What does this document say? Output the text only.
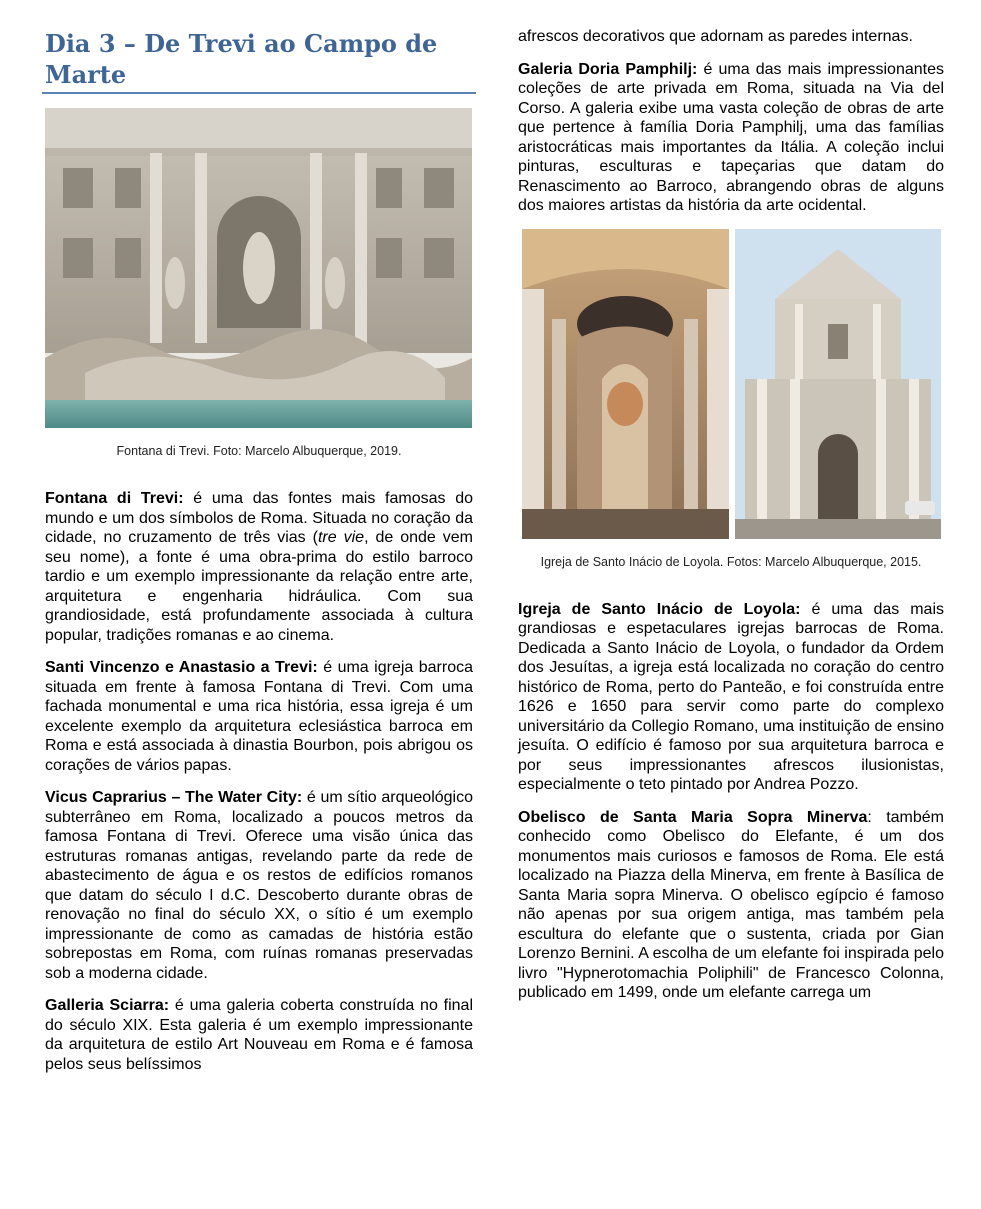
Dia 3 – De Trevi ao Campo de Marte
Fontana di Trevi. Foto: Marcelo Albuquerque, 2019.

Fontana di Trevi: é uma das fontes mais famosas do mundo e um dos símbolos de Roma. Situada no coração da cidade, no cruzamento de três vias (tre vie, de onde vem seu nome), a fonte é uma obra-prima do estilo barroco tardio e um exemplo impressionante da relação entre arte, arquitetura e engenharia hidráulica. Com sua grandiosidade, está profundamente associada à cultura popular, tradições romanas e ao cinema.

Santi Vincenzo e Anastasio a Trevi: é uma igreja barroca situada em frente à famosa Fontana di Trevi. Com uma fachada monumental e uma rica história, essa igreja é um excelente exemplo da arquitetura eclesiástica barroca em Roma e está associada à dinastia Bourbon, pois abrigou os corações de vários papas.

Vicus Caprarius – The Water City: é um sítio arqueológico subterrâneo em Roma, localizado a poucos metros da famosa Fontana di Trevi. Oferece uma visão única das estruturas romanas antigas, revelando parte da rede de abastecimento de água e os restos de edifícios romanos que datam do século I d.C. Descoberto durante obras de renovação no final do século XX, o sítio é um exemplo impressionante de como as camadas de história estão sobrepostas em Roma, com ruínas romanas preservadas sob a moderna cidade.

Galleria Sciarra: é uma galeria coberta construída no final do século XIX. Esta galeria é um exemplo impressionante da arquitetura de estilo Art Nouveau em Roma e é famosa pelos seus belíssimos

afrescos decorativos que adornam as paredes internas.

Galeria Doria Pamphilj: é uma das mais impressionantes coleções de arte privada em Roma, situada na Via del Corso. A galeria exibe uma vasta coleção de obras de arte que pertence à família Doria Pamphilj, uma das famílias aristocráticas mais importantes da Itália. A coleção inclui pinturas, esculturas e tapeçarias que datam do Renascimento ao Barroco, abrangendo obras de alguns dos maiores artistas da história da arte ocidental.

Igreja de Santo Inácio de Loyola. Fotos: Marcelo Albuquerque, 2015.

Igreja de Santo Inácio de Loyola: é uma das mais grandiosas e espetaculares igrejas barrocas de Roma. Dedicada a Santo Inácio de Loyola, o fundador da Ordem dos Jesuítas, a igreja está localizada no coração do centro histórico de Roma, perto do Panteão, e foi construída entre 1626 e 1650 para servir como parte do complexo universitário da Collegio Romano, uma instituição de ensino jesuíta. O edifício é famoso por sua arquitetura barroca e por seus impressionantes afrescos ilusionistas, especialmente o teto pintado por Andrea Pozzo.

Obelisco de Santa Maria Sopra Minerva: também conhecido como Obelisco do Elefante, é um dos monumentos mais curiosos e famosos de Roma. Ele está localizado na Piazza della Minerva, em frente à Basílica de Santa Maria sopra Minerva. O obelisco egípcio é famoso não apenas por sua origem antiga, mas também pela escultura do elefante que o sustenta, criada por Gian Lorenzo Bernini. A escolha de um elefante foi inspirada pelo livro "Hypnerotomachia Poliphili" de Francesco Colonna, publicado em 1499, onde um elefante carrega um
